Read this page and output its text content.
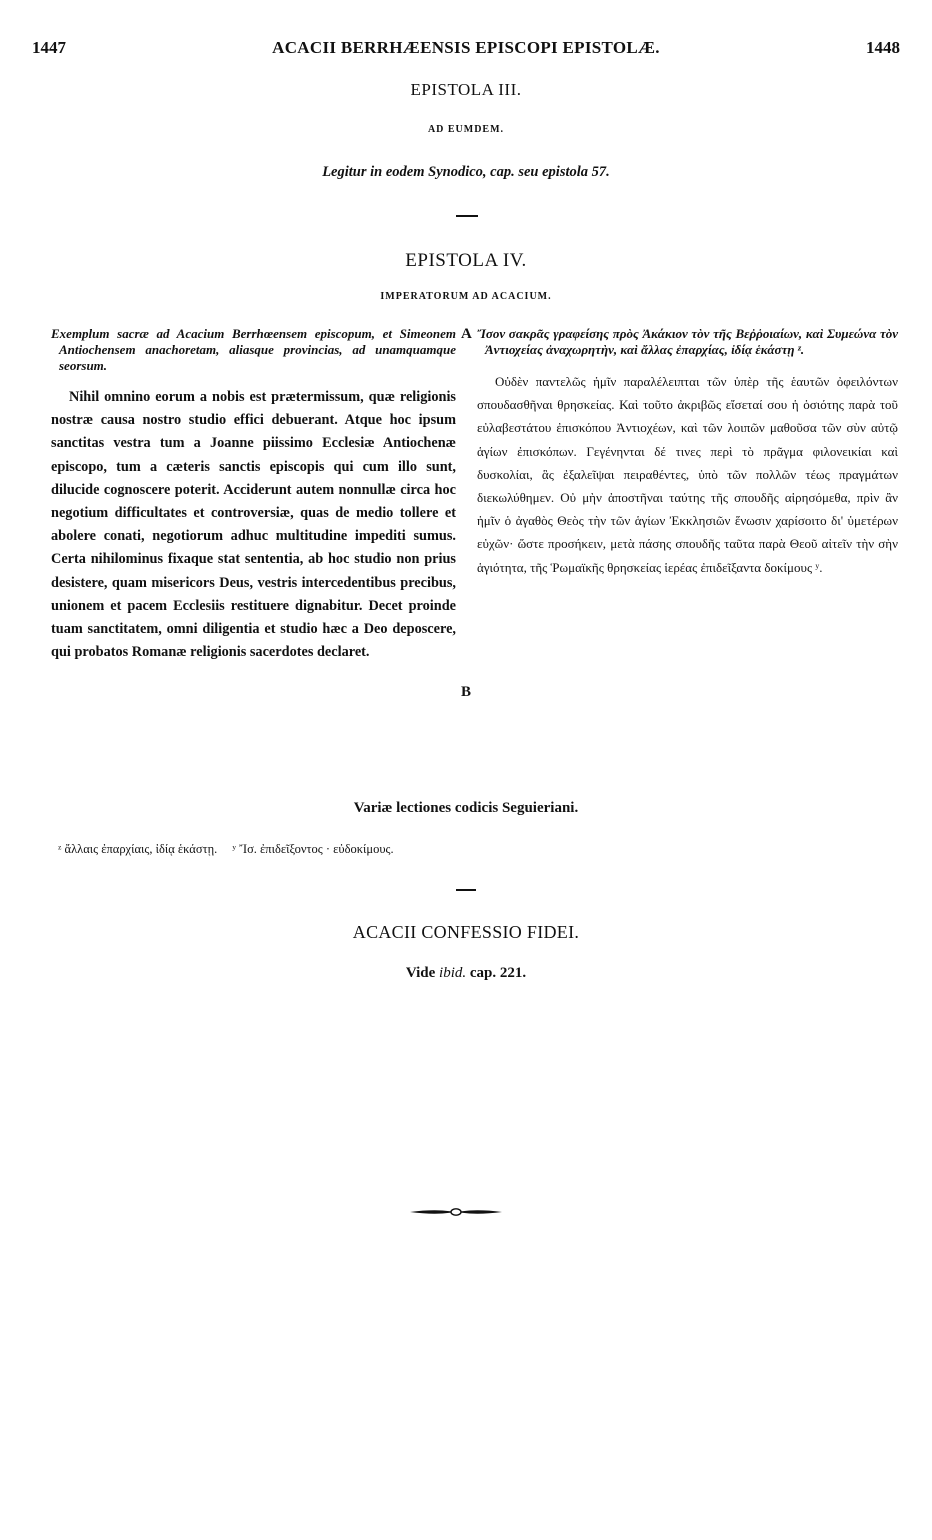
1447	ACACII BERRHÆENSIS EPISCOPI EPISTOLÆ.	1448
EPISTOLA III.
AD EUMDEM.
Legitur in eodem Synodico, cap. seu epistola 57.
EPISTOLA IV.
IMPERATORUM AD ACACIUM.
A
B
Exemplum sacræ ad Acacium Berrhœensem episcopum, et Simeonem Antiochensem anachoretam, aliasque provincias, ad unamquamque seorsum.
Nihil omnino eorum a nobis est prætermissum, quæ religionis nostræ causa nostro studio effici debuerant. Atque hoc ipsum sanctitas vestra tum a Joanne piissimo Ecclesiæ Antiochenæ episcopo, tum a cæteris sanctis episcopis qui cum illo sunt, dilucide cognoscere poterit. Acciderunt autem nonnullæ circa hoc negotium difficultates et controversiæ, quas de medio tollere et abolere conati, negotiorum adhuc multitudine impediti sumus. Certa nihilominus fixaque stat sententia, ab hoc studio non prius desistere, quam misericors Deus, vestris intercedentibus precibus, unionem et pacem Ecclesiis restituere dignabitur. Decet proinde tuam sanctitatem, omni diligentia et studio hæc a Deo deposcere, qui probatos Romanæ religionis sacerdotes declaret.
Ἴσον σακρᾶς γραφείσης πρὸς Ἀκάκιον τὸν τῆς Βεῤῥοιαίων, καὶ Συμεώνα τὸν Ἀντιοχείας ἀναχωρητὴν, καὶ ἄλλας ἐπαρχίας, ἰδίᾳ ἑκάστῃ ᶻ.
Οὐδὲν παντελῶς ἡμῖν παραλέλειπται τῶν ὑπὲρ τῆς ἑαυτῶν ὀφειλόντων σπουδασθῆναι θρησκείας. Καὶ τοῦτο ἀκριβῶς εἴσεταί σου ἡ ὁσιότης παρὰ τοῦ εὐλαβεστάτου ἐπισκόπου Ἀντιοχέων, καὶ τῶν λοιπῶν μαθοῦσα τῶν σὺν αὐτῷ ἁγίων ἐπισκόπων. Γεγένηνται δέ τινες περὶ τὸ πρᾶγμα φιλονεικίαι καὶ δυσκολίαι, ἃς ἐξαλεῖψαι πειραθέντες, ὑπὸ τῶν πολλῶν τέως πραγμάτων διεκωλύθημεν. Οὐ μὴν ἀποστῆναι ταύτης τῆς σπουδῆς αἱρησόμεθα, πρὶν ἂν ἡμῖν ὁ ἀγαθὸς Θεὸς τὴν τῶν ἁγίων Ἐκκλησιῶν ἕνωσιν χαρίσοιτο δι' ὑμετέρων εὐχῶν· ὥστε προσήκειν, μετὰ πάσης σπουδῆς ταῦτα παρὰ Θεοῦ αἰτεῖν τὴν σὴν ἁγιότητα, τῆς Ῥωμαϊκῆς θρησκείας ἱερέας ἐπιδεῖξαντα δοκίμους ʸ.
Variæ lectiones codicis Seguieriani.
ᶻ ἄλλαις ἐπαρχίαις, ἰδίᾳ ἑκάστῃ. ʸ Ἴσ. ἐπιδεῖξοντος · εὐδοκίμους.
ACACII CONFESSIO FIDEI.
Vide ibid. cap. 221.
